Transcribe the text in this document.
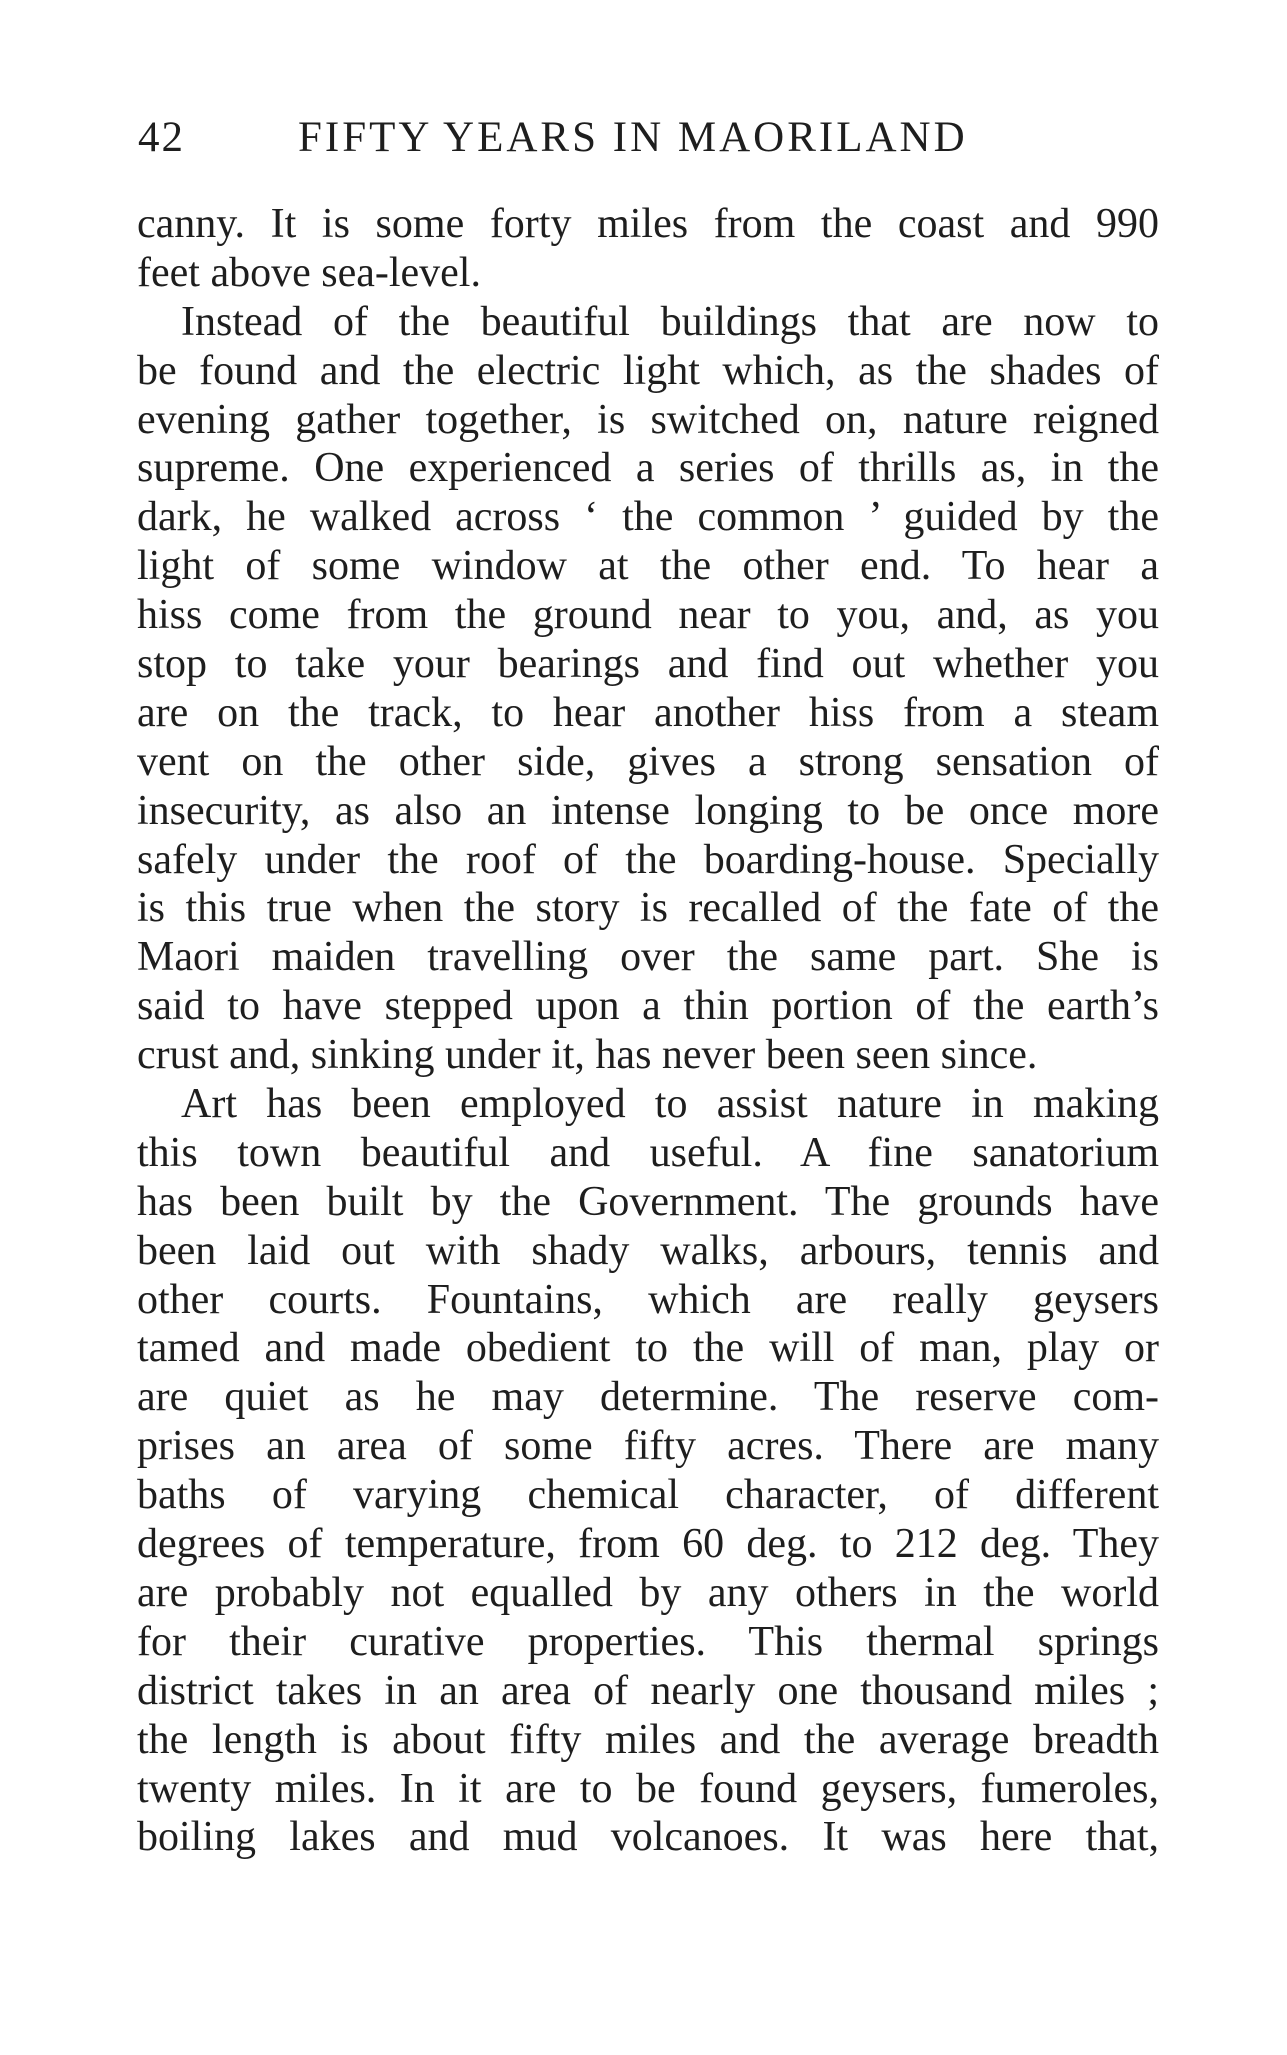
42	FIFTY YEARS IN MAORILAND
canny. It is some forty miles from the coast and 990
feet above sea-level.
Instead of the beautiful buildings that are now to
be found and the electric light which, as the shades of
evening gather together, is switched on, nature reigned
supreme. One experienced a series of thrills as, in the
dark, he walked across ‘ the common ’ guided by the
light of some window at the other end. To hear a
hiss come from the ground near to you, and, as you
stop to take your bearings and find out whether you
are on the track, to hear another hiss from a steam
vent on the other side, gives a strong sensation of
insecurity, as also an intense longing to be once more
safely under the roof of the boarding-house. Specially
is this true when the story is recalled of the fate of the
Maori maiden travelling over the same part. She is
said to have stepped upon a thin portion of the earth’s
crust and, sinking under it, has never been seen since.
Art has been employed to assist nature in making
this town beautiful and useful. A fine sanatorium
has been built by the Government. The grounds have
been laid out with shady walks, arbours, tennis and
other courts. Fountains, which are really geysers
tamed and made obedient to the will of man, play or
are quiet as he may determine. The reserve com-
prises an area of some fifty acres. There are many
baths of varying chemical character, of different
degrees of temperature, from 60 deg. to 212 deg. They
are probably not equalled by any others in the world
for their curative properties. This thermal springs
district takes in an area of nearly one thousand miles ;
the length is about fifty miles and the average breadth
twenty miles. In it are to be found geysers, fumeroles,
boiling lakes and mud volcanoes. It was here that,
